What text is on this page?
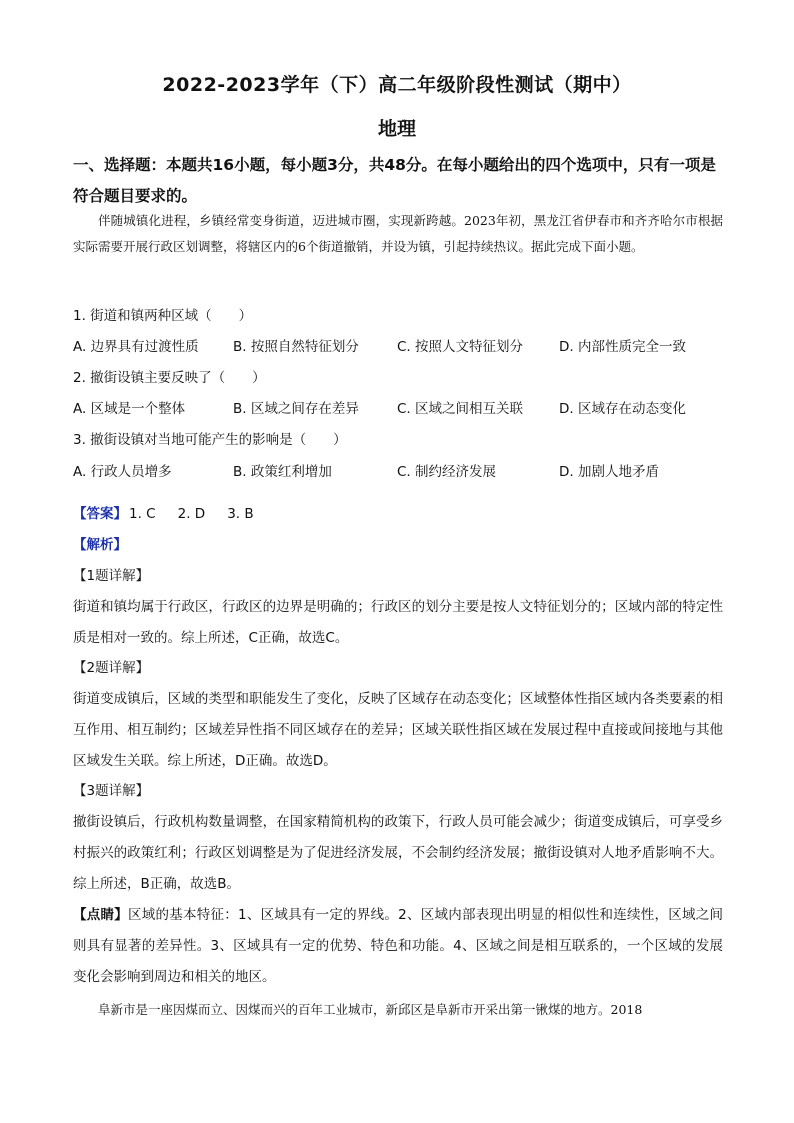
2022-2023学年（下）高二年级阶段性测试（期中）
地理
一、选择题：本题共16小题，每小题3分，共48分。在每小题给出的四个选项中，只有一项是符合题目要求的。
伴随城镇化进程，乡镇经常变身街道，迈进城市圈，实现新跨越。2023年初，黑龙江省伊春市和齐齐哈尔市根据实际需要开展行政区划调整，将辖区内的6个街道撤销，并设为镇，引起持续热议。据此完成下面小题。
1. 街道和镇两种区域（　　）
A. 边界具有过渡性质	B. 按照自然特征划分	C. 按照人文特征划分	D. 内部性质完全一致
2. 撤街设镇主要反映了（　　）
A. 区域是一个整体	B. 区域之间存在差异	C. 区域之间相互关联	D. 区域存在动态变化
3. 撤街设镇对当地可能产生的影响是（　　）
A. 行政人员增多	B. 政策红利增加	C. 制约经济发展	D. 加剧人地矛盾
【答案】 1. C 2. D 3. B
【解析】
【1题详解】
街道和镇均属于行政区，行政区的边界是明确的；行政区的划分主要是按人文特征划分的；区域内部的特定性质是相对一致的。综上所述，C正确，故选C。
【2题详解】
街道变成镇后，区域的类型和职能发生了变化，反映了区域存在动态变化；区域整体性指区域内各类要素的相互作用、相互制约；区域差异性指不同区域存在的差异；区域关联性指区域在发展过程中直接或间接地与其他区域发生关联。综上所述，D正确。故选D。
【3题详解】
撤街设镇后，行政机构数量调整，在国家精简机构的政策下，行政人员可能会减少；街道变成镇后，可享受乡村振兴的政策红利；行政区划调整是为了促进经济发展，不会制约经济发展；撤街设镇对人地矛盾影响不大。综上所述，B正确，故选B。
【点睛】区域的基本特征：1、区域具有一定的界线。2、区域内部表现出明显的相似性和连续性，区域之间则具有显著的差异性。3、区域具有一定的优势、特色和功能。4、区域之间是相互联系的，一个区域的发展变化会影响到周边和相关的地区。
阜新市是一座因煤而立、因煤而兴的百年工业城市，新邱区是阜新市开采出第一锹煤的地方。2018
